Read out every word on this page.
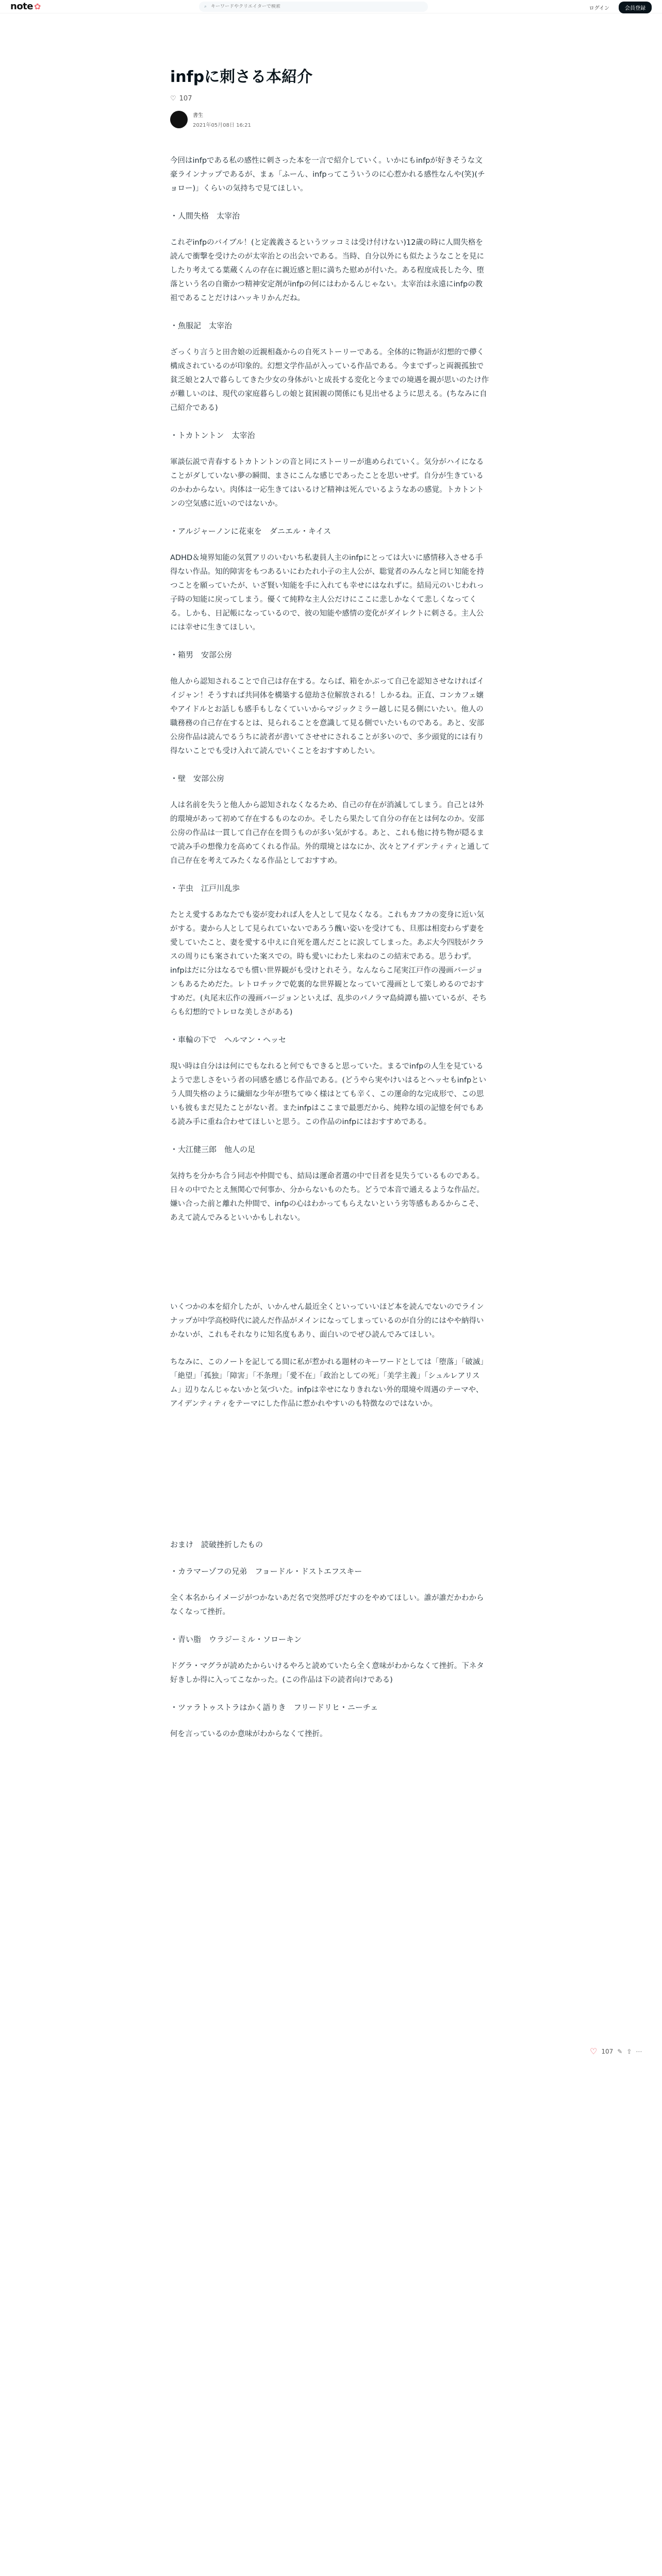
note ✿	⌕
キーワードやクリエイターで検索	ログイン	会員登録
infpに刺さる本紹介
♡ 107
書生
2021年05月08日 16:21

今回はinfpである私の感性に刺さった本を一言で紹介していく。いかにもinfpが好きそうな文豪ラインナップであるが、まぁ「ふーん、infpってこういうのに心惹かれる感性なんや(笑)(チョロー)」くらいの気持ちで見てほしい。

・人間失格　太宰治

これぞinfpのバイブル！(と定義義さるというツッコミは受け付けない)12歳の時に人間失格を読んで衝撃を受けたのが太宰治との出会いである。当時、自分以外にも似たようなことを見にしたり考えてる葉蔵くんの存在に親近感と胆に満ちた慰めが付いた。ある程度成長した今、堕落という名の自衛かつ精神安定剤がinfpの何にはわかるんじゃない。太宰治は永遠にinfpの教祖であることだけはハッキリかんだね。

・魚服記　太宰治

ざっくり言うと田舎娘の近親相姦からの自死ストーリーである。全体的に物語が幻想的で儚く構成されているのが印象的。幻想文学作品が入っている作品である。今までずっと両親孤独で貧乏娘と2人で暮らしてきた少女の身体がいと成長する変化と今までの境遇を親が思いのたけ作が難しいのは、現代の家庭暮らしの娘と貧困親の関係にも見出せるように思える。(ちなみに自己紹介である)

・トカトントン　太宰治

軍談伝説で青春するトカトントンの音と同にストーリーが進められていく。気分がハイになることがダしていない夢の瞬間、まさにこんな感じであったことを思いせず。自分が生きているのかわからない。肉体は一応生きてはいるけど精神は死んでいるようなあの感覚。トカトントンの空気感に近いのではないか。

・アルジャーノンに花束を　ダニエル・キイス

ADHD＆境界知能の気質アリのいむいち私妻員人主のinfpにとっては大いに感情移入させる手得ない作品。知的障害をもつあるいにわたれ小子の主人公が、聡覚者のみんなと同じ知能を持つことを願っていたが、いざ賢い知能を手に入れても幸せにはなれずに。結局元のいじわれっ子時の知能に戻ってしまう。優くて純粋な主人公だけにここに悲しかなくて悲しくなってくる。しかも、日記帳になっているので、彼の知能や感情の変化がダイレクトに刺さる。主人公には幸せに生きてほしい。

・箱男　安部公房

他人から認知されることで自己は存在する。ならば、箱をかぶって自己を認知させなければイイジャン！そうすれば共同体を構築する億劫さ位解放される！しかるね。正直、コンカフェ嬢やアイドルとお話しも感手もしなくていいからマジックミラー越しに見る側にいたい。他人の職務務の自己存在するとは、見られることを意識して見る側でいたいものである。あと、安部公房作品は読んでるうちに読者が書いてさせせにされることが多いので、多少頭覚的には有り得ないことでも受け入れて読んでいくことをおすすめしたい。

・壁　安部公房

人は名前を失うと他人から認知されなくなるため、自己の存在が消滅してしまう。自己とは外的環境があって初めて存在するものなのか。そしたら果たして自分の存在とは何なのか。安部公房の作品は一貫して自己存在を問うものが多い気がする。あと、これも他に持ち物が隠るまで読み手の想像力を高めてくれる作品。外的環境とはなにか、次々とアイデンティティと通して自己存在を考えてみたくなる作品としておすすめ。

・芋虫　江戸川乱歩

たとえ愛するあなたでも姿が変われば人を人として見なくなる。これもカフカの変身に近い気がする。妻から人として見られていないであろう醜い姿いを受けても、旦那は相変わらず妻を愛していたこと、妻を愛する中えに自死を選んだことに涙してしまった。あぶ大今四肢がクラスの周りにも案されていた案スでの。時も愛いにわたし来ねのこの結末である。思うわず。infpはだに分はなるでも慣い世界観がも受けとれそう。なんならこ尾実江戸作の漫画バージョンもあるためだた。レトロチックで乾裏的な世界観となっていて漫画として楽しめるのでおすすめだ。(丸尾末広作の漫画バージョンといえば、乱歩のパノラマ島綺譚も描いているが、そちらも幻想的でトレロな美しさがある)

・車輪の下で　ヘルマン・ヘッセ

現い時は自分はは何にでもなれると何でもできると思っていた。まるでinfpの人生を見ているようで悲しさをいう者の同感を感じる作品である。(どうやら実やけいはるとヘッセもinfpという人間失格のように繊細な少年が堕ちてゆく様はとても辛く、この運命的な完成形で、この思いも彼もまだ見たことがない者。またinfpはここまで最悪だから、純粋な頃の記憶を何でもある読み手に重ね合わせてほしいと思う。この作品のinfpにはおすすめである。

・大江健三郎　他人の足

気持ちを分かち合う同志や仲間でも、結局は運命者選の中で目者を見失うているものである。日々の中でたとえ無関心で何事か、分からないものたち。どうで本音で通えるような作品だ。嫌い合った前と離れた仲間で、infpの心はわかってもらえないという劣等感もあるからこそ、あえて読んでみるといいかもしれない。

いくつかの本を紹介したが、いかんせん最近全くといっていいほど本を読んでないのでラインナップが中学高校時代に読んだ作品がメインになってしまっているのが自分的にはやや納得いかないが、これもそれなりに知名度もあり、面白いのでぜひ読んでみてほしい。

ちなみに、このノートを記してる間に私が惹かれる題材のキーワードとしては「堕落」「破滅」「絶望」「孤独」「障害」「不条理」「愛不在」「政治としての死」「美学主義」「シュルレアリスム」辺りなんじゃないかと気づいた。infpは幸せになりきれない外的環境や周遇のテーマや、アイデンティティをテーマにした作品に惹かれやすいのも特徴なのではないか。

おまけ　読破挫折したもの
・カラマーゾフの兄弟　フョードル・ドストエフスキー

全く本名からイメージがつかないあだ名で突然呼びだすのをやめてほしい。誰が誰だかわからなくなって挫折。

・青い脂　ウラジーミル・ソローキン

ドグラ・マグラが読めたからいけるやろと読めていたら全く意味がわからなくて挫折。下ネタ好きしか得に入ってこなかった。(この作品は下の読者向けである)

・ツァラトゥストラはかく語りき　フリードリヒ・ニーチェ

何を言っているのか意味がわからなくて挫折。

♡ 107 ✎ ⇪ ⋯
